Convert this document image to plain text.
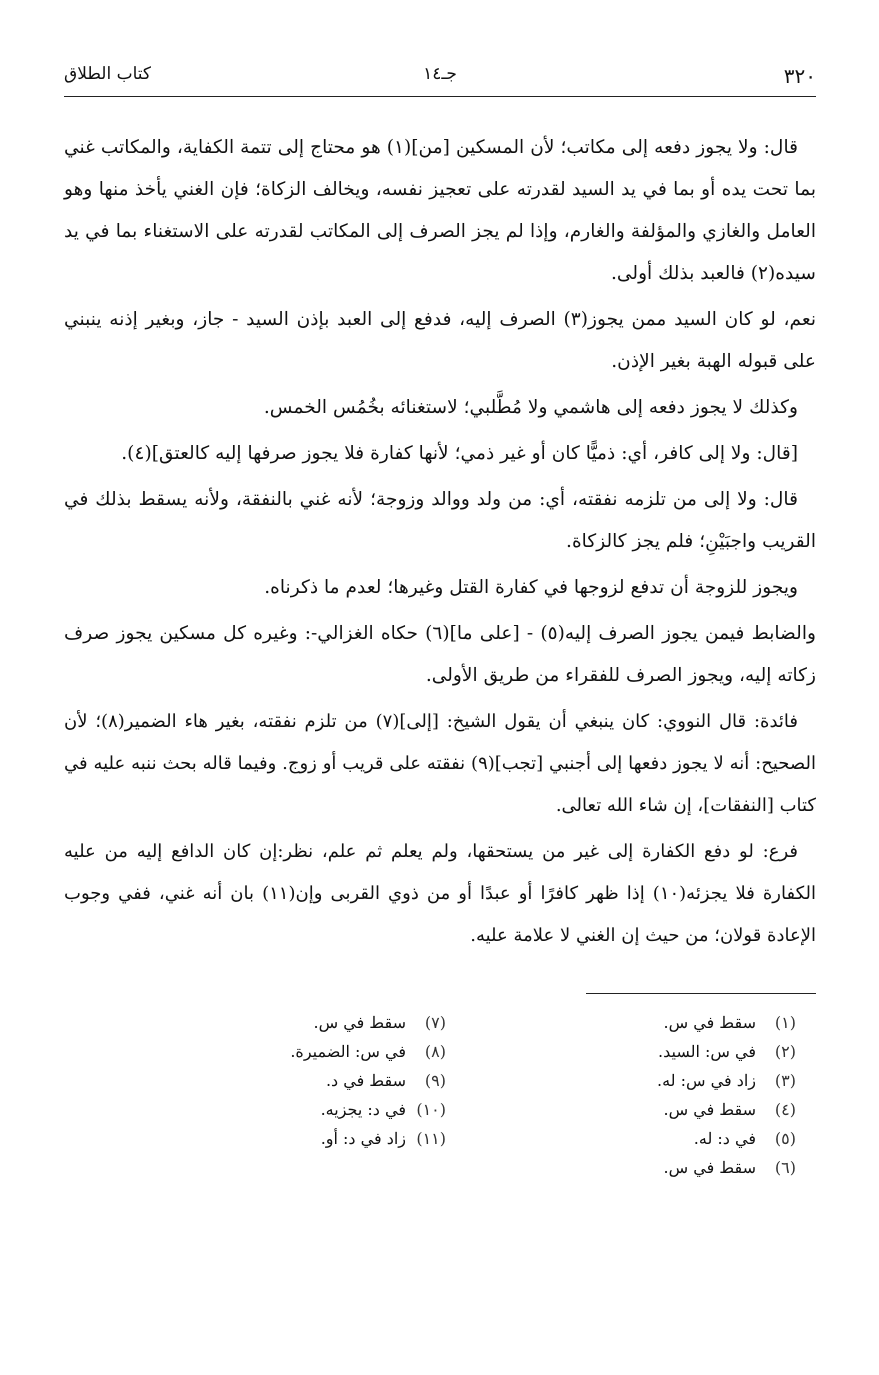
٣٢٠
جـ١٤
كتاب الطلاق

قال: ولا يجوز دفعه إلى مكاتب؛ لأن المسكين [من](١) هو محتاج إلى تتمة الكفاية، والمكاتب غني بما تحت يده أو بما في يد السيد لقدرته على تعجيز نفسه، ويخالف الزكاة؛ فإن الغني يأخذ منها وهو العامل والغازي والمؤلفة والغارم، وإذا لم يجز الصرف إلى المكاتب لقدرته على الاستغناء بما في يد سيده(٢) فالعبد بذلك أولى.

نعم، لو كان السيد ممن يجوز(٣) الصرف إليه، فدفع إلى العبد بإذن السيد - جاز، وبغير إذنه ينبني على قبوله الهبة بغير الإذن.

وكذلك لا يجوز دفعه إلى هاشمي ولا مُطَّلبي؛ لاستغنائه بخُمُس الخمس.

[قال: ولا إلى كافر، أي: ذميًّا كان أو غير ذمي؛ لأنها كفارة فلا يجوز صرفها إليه كالعتق](٤).

قال: ولا إلى من تلزمه نفقته، أي: من ولد ووالد وزوجة؛ لأنه غني بالنفقة، ولأنه يسقط بذلك في القريب واجبَيْنِ؛ فلم يجز كالزكاة.

ويجوز للزوجة أن تدفع لزوجها في كفارة القتل وغيرها؛ لعدم ما ذكرناه.

والضابط فيمن يجوز الصرف إليه(٥) - [على ما](٦) حكاه الغزالي-: وغيره كل مسكين يجوز صرف زكاته إليه، ويجوز الصرف للفقراء من طريق الأولى.

فائدة: قال النووي: كان ينبغي أن يقول الشيخ: [إلى](٧) من تلزم نفقته، بغير هاء الضمير(٨)؛ لأن الصحيح: أنه لا يجوز دفعها إلى أجنبي [تجب](٩) نفقته على قريب أو زوج. وفيما قاله بحث ننبه عليه في كتاب [النفقات]، إن شاء الله تعالى.

فرع: لو دفع الكفارة إلى غير من يستحقها، ولم يعلم ثم علم، نظر:إن كان الدافع إليه من عليه الكفارة فلا يجزئه(١٠) إذا ظهر كافرًا أو عبدًا أو من ذوي القربى وإن(١١) بان أنه غني، ففي وجوب الإعادة قولان؛ من حيث إن الغني لا علامة عليه.

(١)سقط في س.
(٢)في س: السيد.
(٣)زاد في س: له.
(٤)سقط في س.
(٥)في د: له.
(٦)سقط في س.
(٧)سقط في س.
(٨)في س: الضميرة.
(٩)سقط في د.
(١٠)في د: يجزيه.
(١١)زاد في د: أو.
